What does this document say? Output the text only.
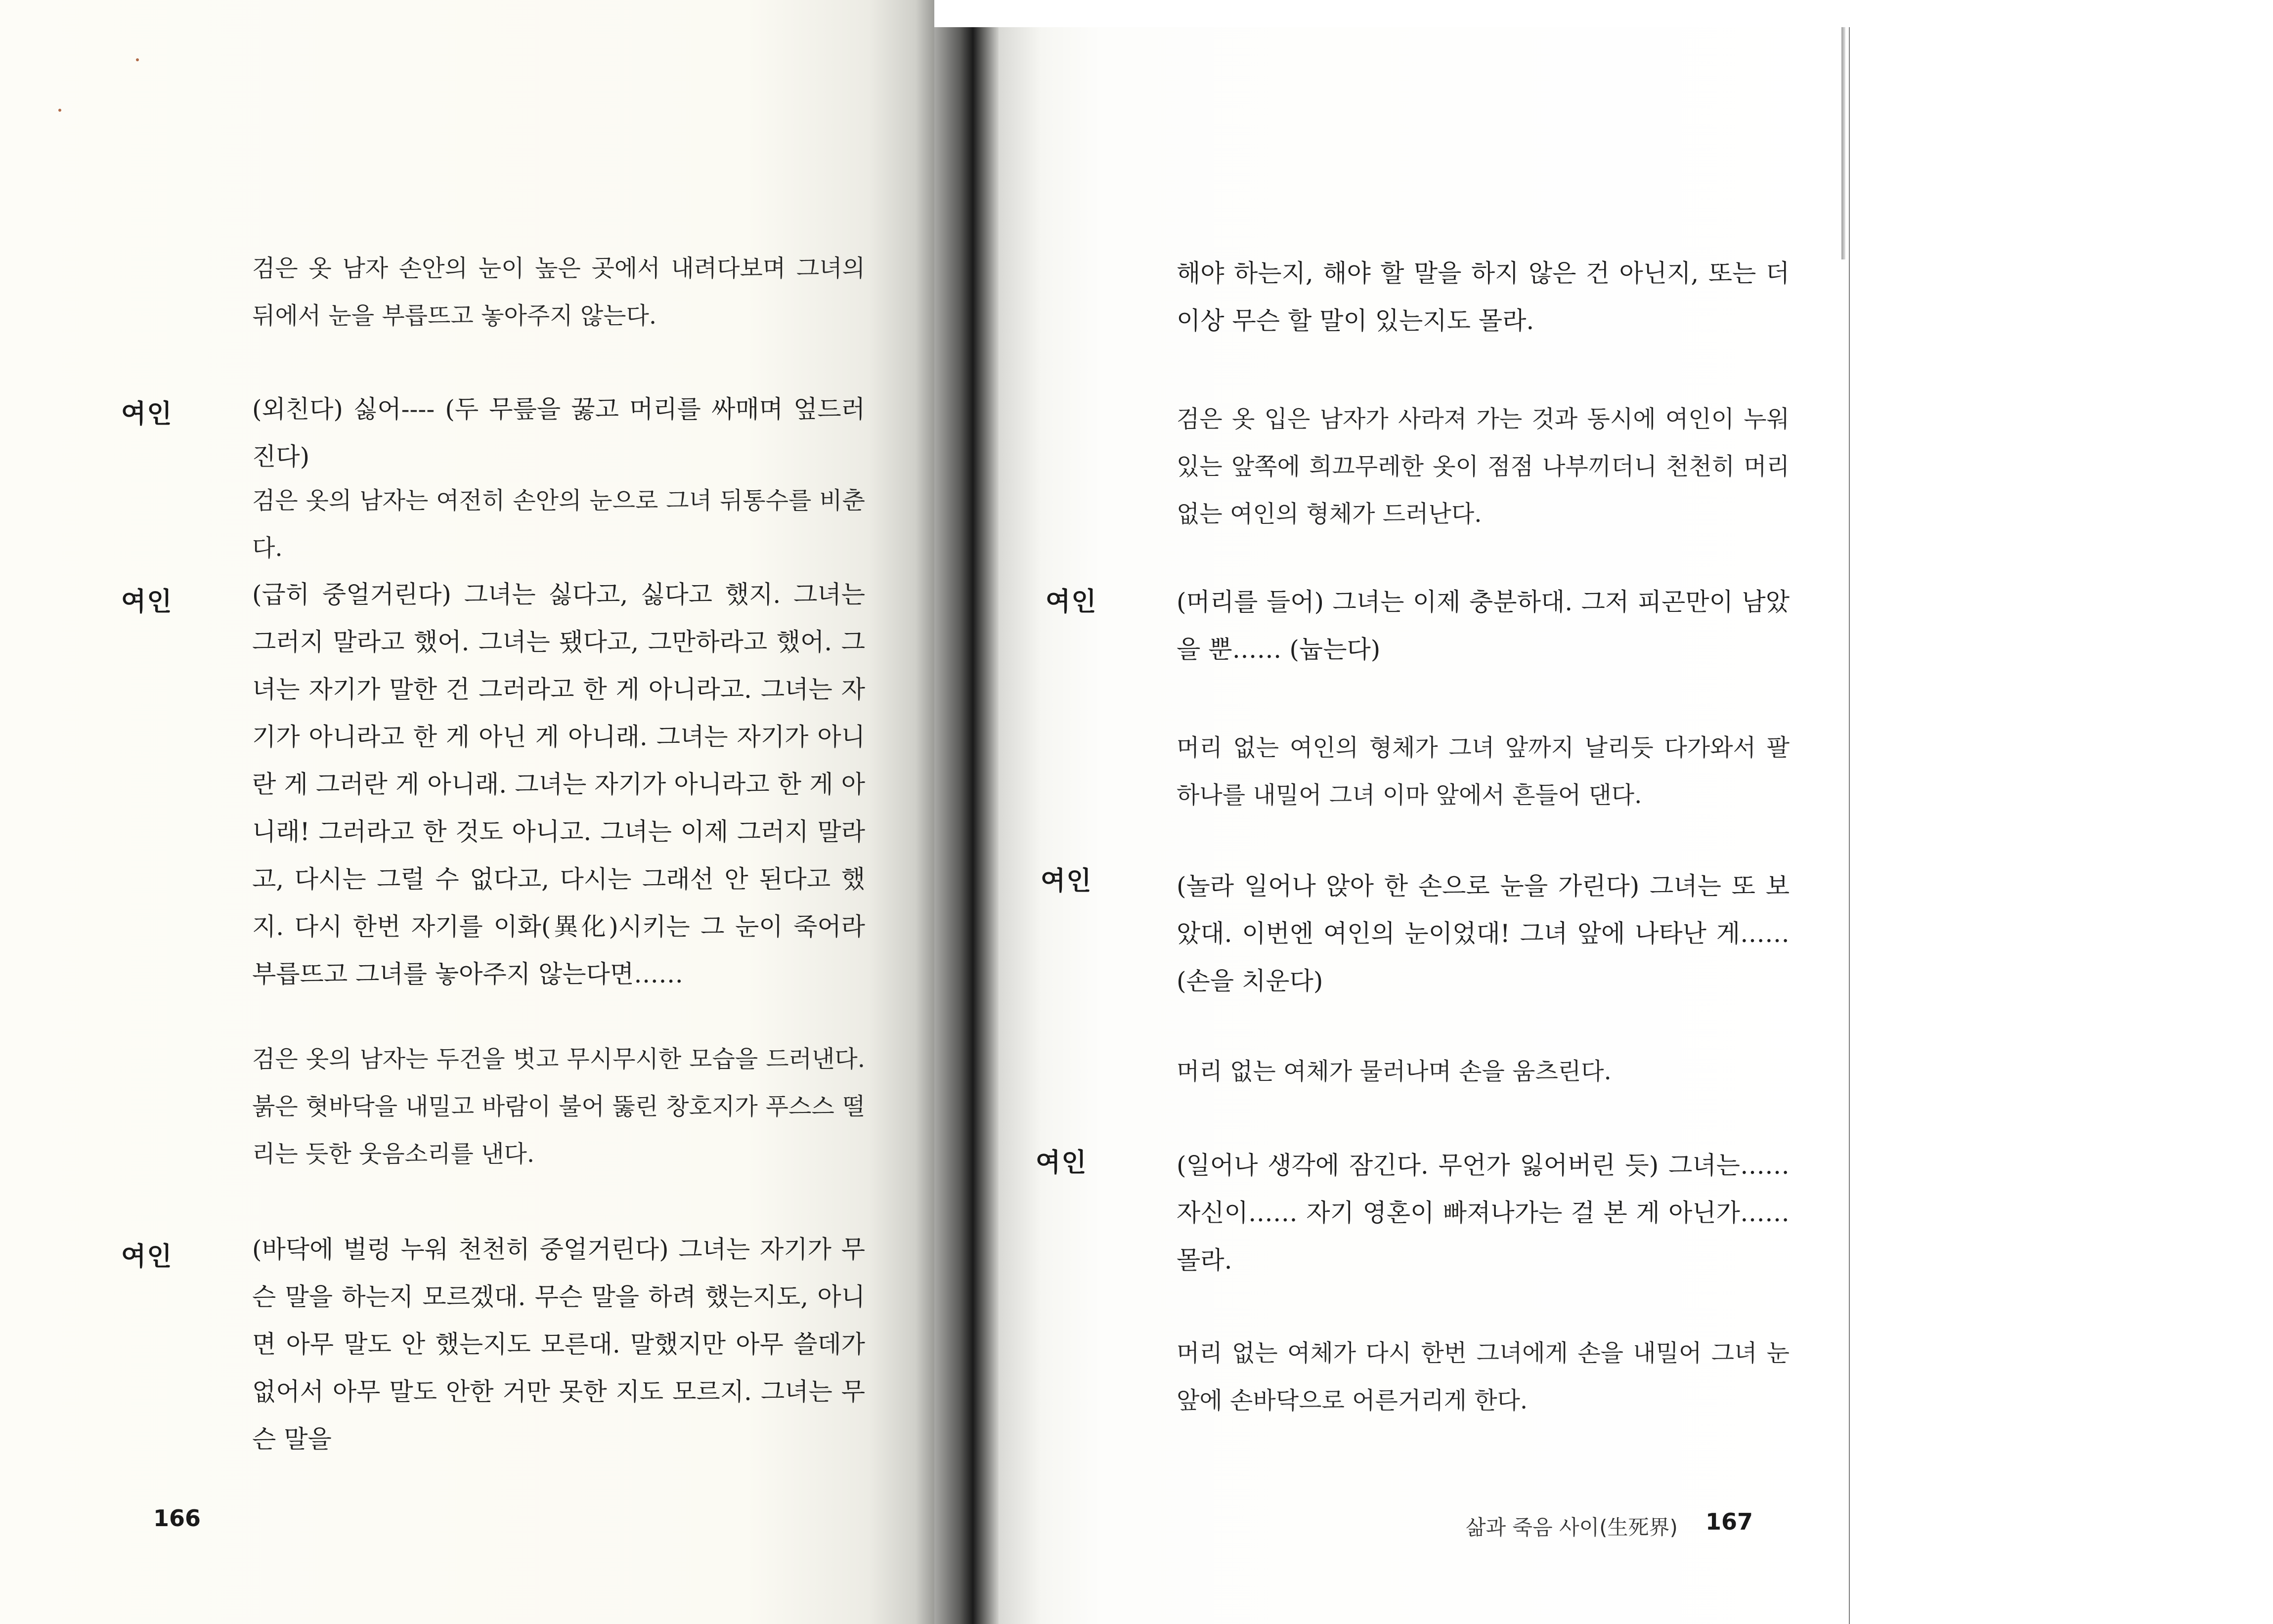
검은 옷 남자 손안의 눈이 높은 곳에서 내려다보며 그녀의 뒤에서 눈을 부릅뜨고 놓아주지 않는다.
여인	(외친다) 싫어---- (두 무릎을 꿇고 머리를 싸매며 엎드러진다)
검은 옷의 남자는 여전히 손안의 눈으로 그녀 뒤통수를 비춘다.
여인	(급히 중얼거린다) 그녀는 싫다고, 싫다고 했지. 그녀는 그러지 말라고 했어. 그녀는 됐다고, 그만하라고 했어. 그녀는 자기가 말한 건 그러라고 한 게 아니라고. 그녀는 자기가 아니라고 한 게 아닌 게 아니래. 그녀는 자기가 아니란 게 그러란 게 아니래. 그녀는 자기가 아니라고 한 게 아니래! 그러라고 한 것도 아니고. 그녀는 이제 그러지 말라고, 다시는 그럴 수 없다고, 다시는 그래선 안 된다고 했지. 다시 한번 자기를 이화(異化)시키는 그 눈이 죽어라 부릅뜨고 그녀를 놓아주지 않는다면……
검은 옷의 남자는 두건을 벗고 무시무시한 모습을 드러낸다. 붉은 혓바닥을 내밀고 바람이 불어 뚫린 창호지가 푸스스 떨리는 듯한 웃음소리를 낸다.
여인	(바닥에 벌렁 누워 천천히 중얼거린다) 그녀는 자기가 무슨 말을 하는지 모르겠대. 무슨 말을 하려 했는지도, 아니면 아무 말도 안 했는지도 모른대. 말했지만 아무 쓸데가 없어서 아무 말도 안한 거만 못한 지도 모르지. 그녀는 무슨 말을
166
해야 하는지, 해야 할 말을 하지 않은 건 아닌지, 또는 더 이상 무슨 할 말이 있는지도 몰라.
검은 옷 입은 남자가 사라져 가는 것과 동시에 여인이 누워 있는 앞쪽에 희끄무레한 옷이 점점 나부끼더니 천천히 머리 없는 여인의 형체가 드러난다.
여인	(머리를 들어) 그녀는 이제 충분하대. 그저 피곤만이 남았을 뿐…… (눕는다)
머리 없는 여인의 형체가 그녀 앞까지 날리듯 다가와서 팔 하나를 내밀어 그녀 이마 앞에서 흔들어 댄다.
여인	(놀라 일어나 앉아 한 손으로 눈을 가린다) 그녀는 또 보았대. 이번엔 여인의 눈이었대! 그녀 앞에 나타난 게…… (손을 치운다)
머리 없는 여체가 물러나며 손을 움츠린다.
여인	(일어나 생각에 잠긴다. 무언가 잃어버린 듯) 그녀는……자신이…… 자기 영혼이 빠져나가는 걸 본 게 아닌가……몰라.
머리 없는 여체가 다시 한번 그녀에게 손을 내밀어 그녀 눈앞에 손바닥으로 어른거리게 한다.
삶과 죽음 사이(生死界) 167
